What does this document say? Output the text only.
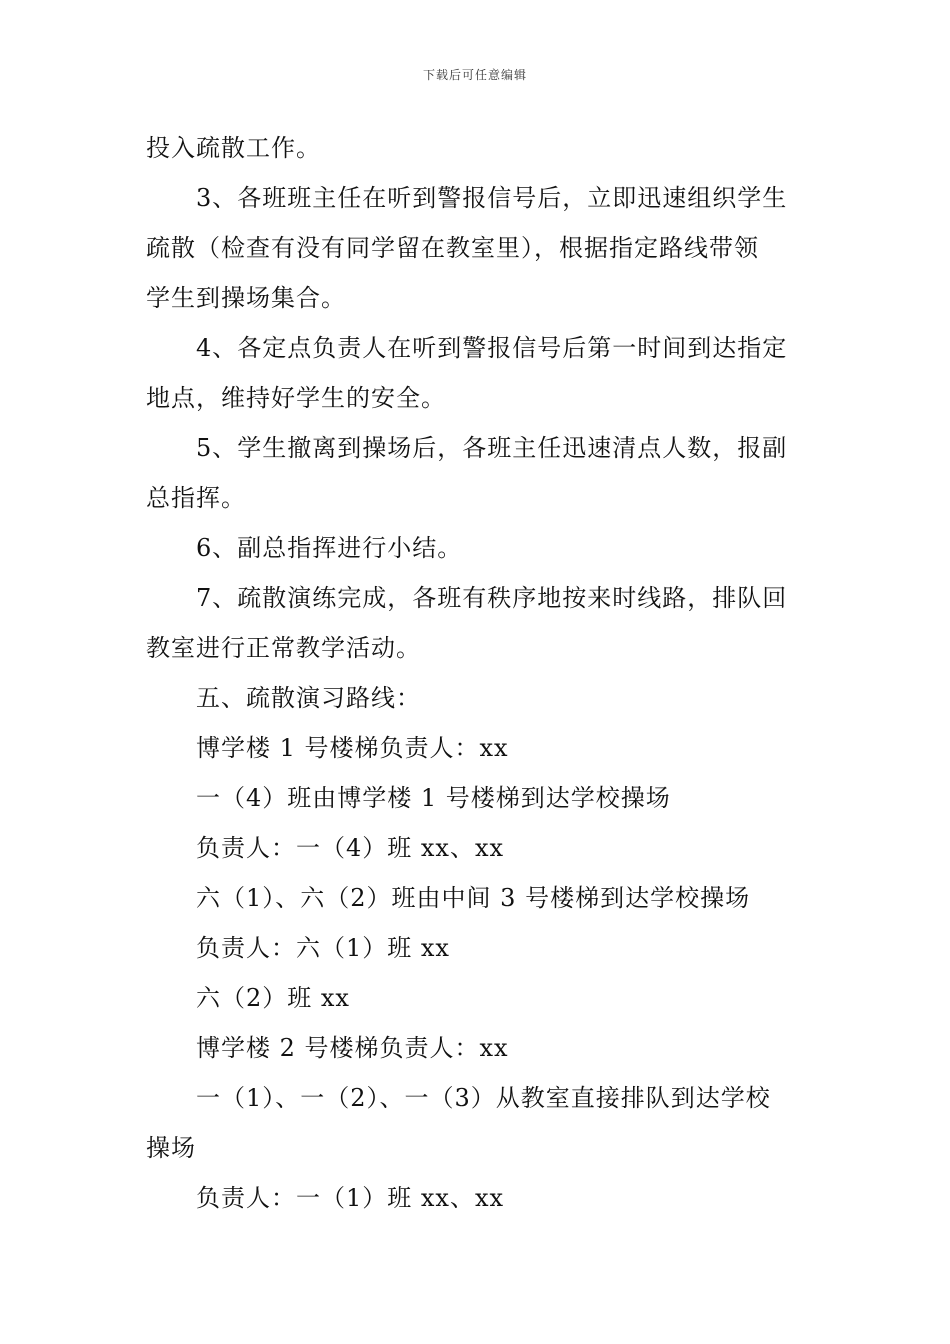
下载后可任意编辑

投入疏散工作。

3、各班班主任在听到警报信号后，立即迅速组织学生

疏散（检查有没有同学留在教室里），根据指定路线带领

学生到操场集合。

4、各定点负责人在听到警报信号后第一时间到达指定

地点，维持好学生的安全。

5、学生撤离到操场后，各班主任迅速清点人数，报副

总指挥。

6、副总指挥进行小结。

7、疏散演练完成，各班有秩序地按来时线路，排队回

教室进行正常教学活动。

五、疏散演习路线：

博学楼 1 号楼梯负责人：xx

一（4）班由博学楼 1 号楼梯到达学校操场

负责人：一（4）班 xx、xx

六（1）、六（2）班由中间 3 号楼梯到达学校操场

负责人：六（1）班 xx

六（2）班 xx

博学楼 2 号楼梯负责人：xx

一（1）、一（2）、一（3）从教室直接排队到达学校

操场

负责人：一（1）班 xx、xx
